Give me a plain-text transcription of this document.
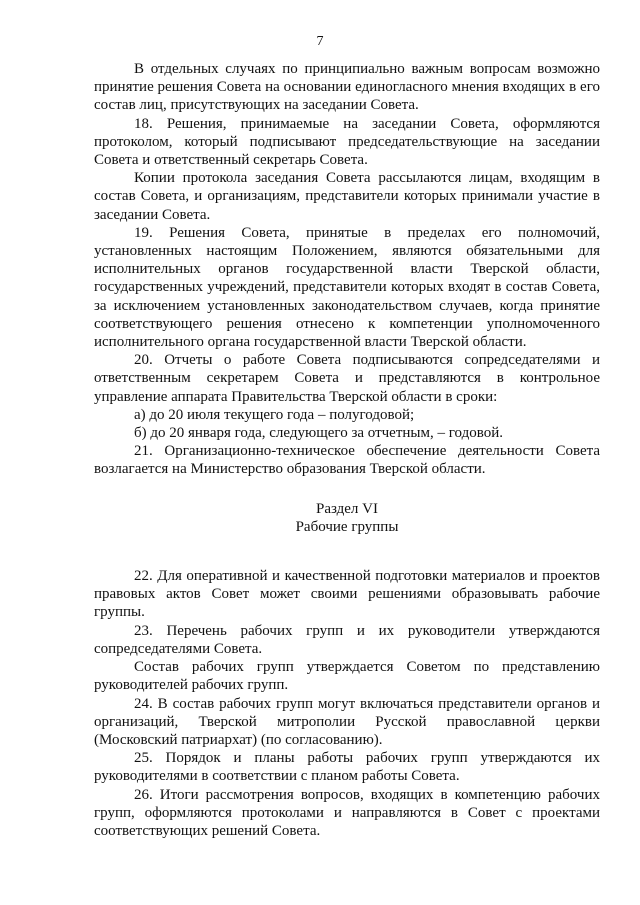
7

В отдельных случаях по принципиально важным вопросам возможно принятие решения Совета на основании единогласного мнения входящих в его состав лиц, присутствующих на заседании Совета.

18. Решения, принимаемые на заседании Совета, оформляются протоколом, который подписывают председательствующие на заседании Совета и ответственный секретарь Совета.

Копии протокола заседания Совета рассылаются лицам, входящим в состав Совета, и организациям, представители которых принимали участие в заседании Совета.

19. Решения Совета, принятые в пределах его полномочий, установленных настоящим Положением, являются обязательными для исполнительных органов государственной власти Тверской области, государственных учреждений, представители которых входят в состав Совета, за исключением установленных законодательством случаев, когда принятие соответствующего решения отнесено к компетенции уполномоченного исполнительного органа государственной власти Тверской области.

20. Отчеты о работе Совета подписываются сопредседателями и ответственным секретарем Совета и представляются в контрольное управление аппарата Правительства Тверской области в сроки:

а) до 20 июля текущего года – полугодовой;

б) до 20 января года, следующего за отчетным, – годовой.

21. Организационно-техническое обеспечение деятельности Совета возлагается на Министерство образования Тверской области.

Раздел VI
Рабочие группы

22. Для оперативной и качественной подготовки материалов и проектов правовых актов Совет может своими решениями образовывать рабочие группы.

23. Перечень рабочих групп и их руководители утверждаются сопредседателями Совета.

Состав рабочих групп утверждается Советом по представлению руководителей рабочих групп.

24. В состав рабочих групп могут включаться представители органов и организаций, Тверской митрополии Русской православной церкви (Московский патриархат) (по согласованию).

25. Порядок и планы работы рабочих групп утверждаются их руководителями в соответствии с планом работы Совета.

26. Итоги рассмотрения вопросов, входящих в компетенцию рабочих групп, оформляются протоколами и направляются в Совет с проектами соответствующих решений Совета.
